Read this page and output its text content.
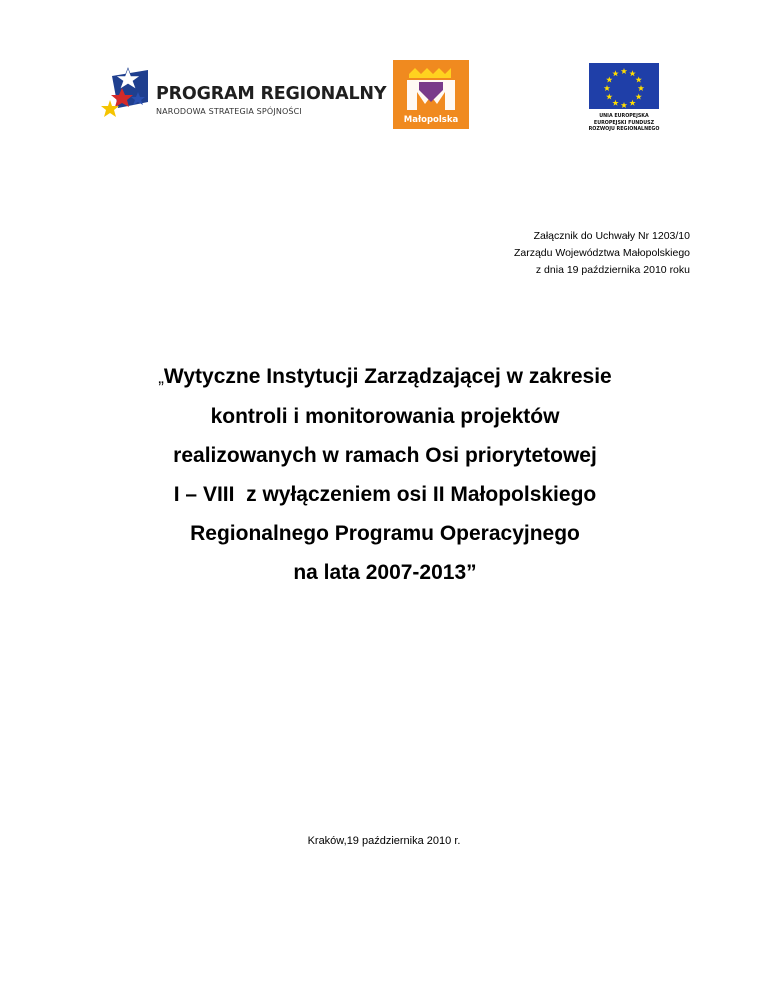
PROGRAM REGIONALNY
NARODOWA STRATEGIA SPÓJNOŚCI
Małopolska	UNIA EUROPEJSKA
EUROPEJSKI FUNDUSZ
ROZWOJU REGIONALNEGO
Załącznik do Uchwały Nr 1203/10
Zarządu Województwa Małopolskiego
z dnia 19 października 2010 roku
„Wytyczne Instytucji Zarządzającej w zakresie
kontroli i monitorowania projektów
realizowanych w ramach Osi priorytetowej
I – VIII  z wyłączeniem osi II Małopolskiego
Regionalnego Programu Operacyjnego
na lata 2007-2013”
Kraków,19 października 2010 r.
